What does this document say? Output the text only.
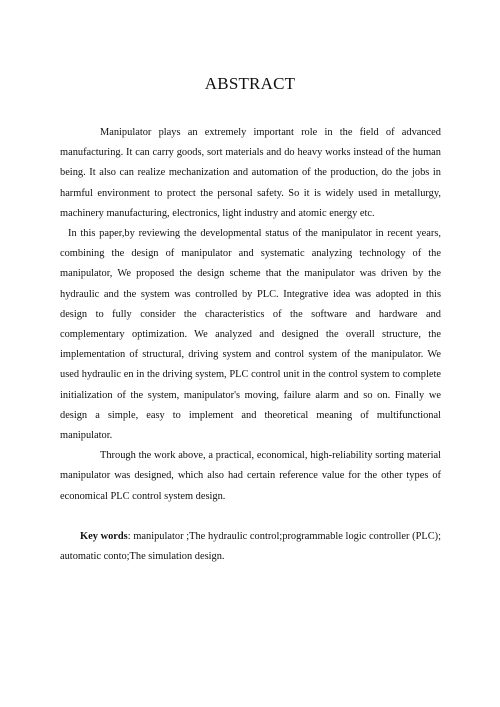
ABSTRACT

Manipulator plays an extremely important role in the field of advanced manufacturing. It can carry goods, sort materials and do heavy works instead of the human being. It also can realize mechanization and automation of the production, do the jobs in harmful environment to protect the personal safety. So it is widely used in metallurgy, machinery manufacturing, electronics, light industry and atomic energy etc.

In this paper,by reviewing the developmental status of the manipulator in recent years, combining the design of manipulator and systematic analyzing technology of the manipulator, We proposed the design scheme that the manipulator was driven by the hydraulic and the system was controlled by PLC. Integrative idea was adopted in this design to fully consider the characteristics of the software and hardware and complementary optimization. We analyzed and designed the overall structure, the implementation of structural, driving system and control system of the manipulator. We used hydraulic en in the driving system, PLC control unit in the control system to complete initialization of the system, manipulator's moving, failure alarm and so on. Finally we design a simple, easy to implement and theoretical meaning of multifunctional manipulator.

Through the work above, a practical, economical, high-reliability sorting material manipulator was designed, which also had certain reference value for the other types of economical PLC control system design.

Key words: manipulator ;The hydraulic control;programmable logic controller (PLC); automatic conto;The simulation design.
